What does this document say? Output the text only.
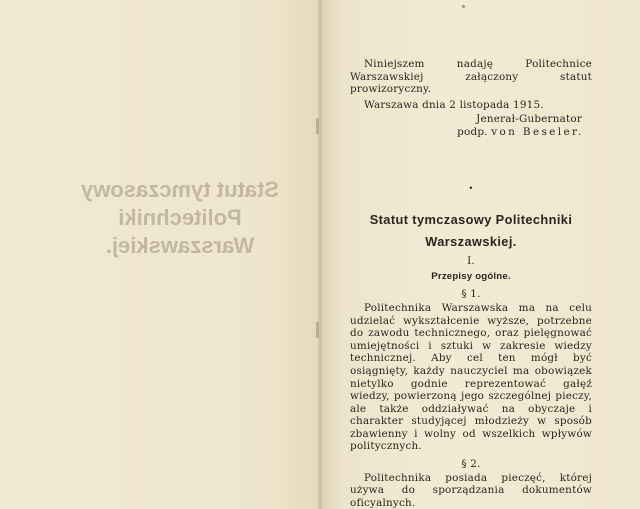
Statut tymczasowy
Politechniki Warszawskiej.
Niniejszem nadaję Politechnice Warszawskiej załączony statut prowizoryczny.
Warszawa dnia 2 listopada 1915.
Jenerał-Gubernator
podp. von Beseler.
•
Statut tymczasowy Politechniki Warszawskiej.
I.
Przepisy ogólne.
§ 1.
Politechnika Warszawska ma na celu udzielać wykształcenie wyższe, potrzebne do zawodu technicznego, oraz pielęgnować umiejętności i sztuki w zakresie wiedzy technicznej. Aby cel ten mógł być osiągnięty, każdy nauczyciel ma obowiązek nietylko godnie reprezentować gałęź wiedzy, powierzoną jego szczególnej pieczy, ale także oddziaływać na obyczaje i charakter studyjącej młodzieży w sposób zbawienny i wolny od wszelkich wpływów politycznych.
§ 2.
Politechnika posiada pieczęć, której używa do sporządzania dokumentów oficyalnych.
